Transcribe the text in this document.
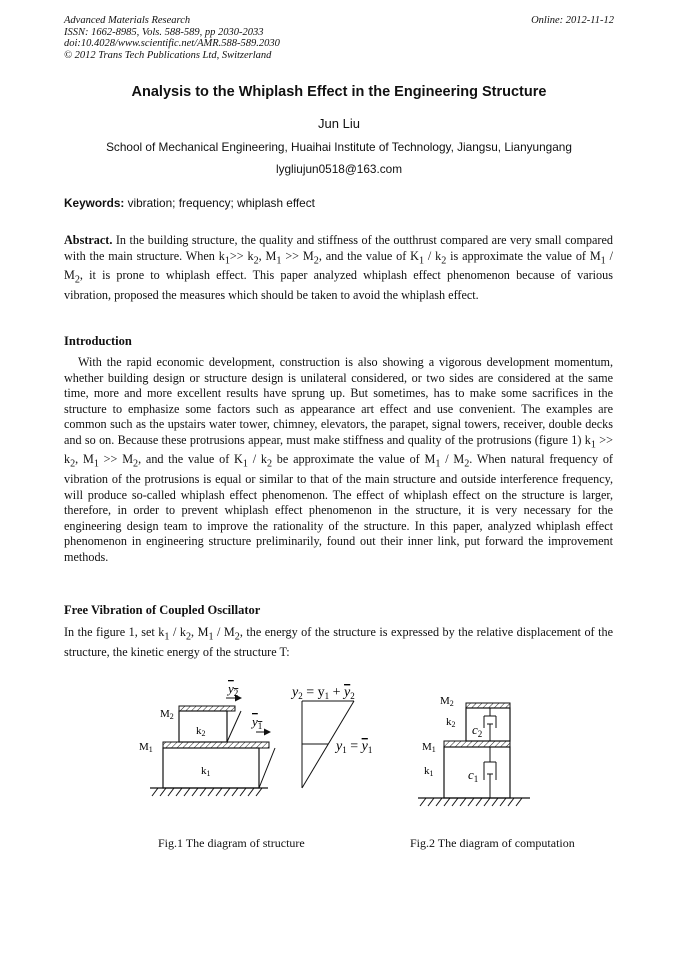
Advanced Materials Research
ISSN: 1662-8985, Vols. 588-589, pp 2030-2033
doi:10.4028/www.scientific.net/AMR.588-589.2030
© 2012 Trans Tech Publications Ltd, Switzerland
Online: 2012-11-12
Analysis to the Whiplash Effect in the Engineering Structure
Jun Liu
School of Mechanical Engineering, Huaihai Institute of Technology, Jiangsu, Lianyungang
lygliujun0518@163.com
Keywords: vibration; frequency; whiplash effect
Abstract. In the building structure, the quality and stiffness of the outthrust compared are very small compared with the main structure. When $k_1>> k_2$, $M_1 >> M_2$, and the value of $K_1 / k_2$ is approximate the value of $M_1 / M_2$, it is prone to whiplash effect. This paper analyzed whiplash effect phenomenon because of various vibration, proposed the measures which should be taken to avoid the whiplash effect.
Introduction
With the rapid economic development, construction is also showing a vigorous development momentum, whether building design or structure design is unilateral considered, or two sides are considered at the same time, more and more excellent results have sprung up. But sometimes, has to make some sacrifices in the structure to emphasize some factors such as appearance art effect and use convenient. The examples are common such as the upstairs water tower, chimney, elevators, the parapet, signal towers, receiver, double decks and so on. Because these protrusions appear, must make stiffness and quality of the protrusions (figure 1) $k_1 >> k_2$, $M_1 >> M_2$, and the value of $K_1 / k_2$ be approximate the value of $M_1 / M_2$. When natural frequency of vibration of the protrusions is equal or similar to that of the main structure and outside interference frequency, will produce so-called whiplash effect phenomenon. The effect of whiplash effect on the structure is larger, therefore, in order to prevent whiplash effect phenomenon in the structure, it is very necessary for the engineering design team to improve the rationality of the structure. In this paper, analyzed whiplash effect phenomenon in engineering structure preliminarily, found out their inner link, put forward the improvement methods.
Free Vibration of Coupled Oscillator
In the figure 1, set $k_1 / k_2$, $M_1 / M_2$, the energy of the structure is expressed by the relative displacement of the structure, the kinetic energy of the structure T:
M2
M1
k2
k1
$y_2$
$y_1$
$y_2 = y_1 + y_2$
$y_1 = y_1$
M2
M1
k2
k1
$c_2$
$c_1$
Fig.1 The diagram of structure	Fig.2 The diagram of computation
